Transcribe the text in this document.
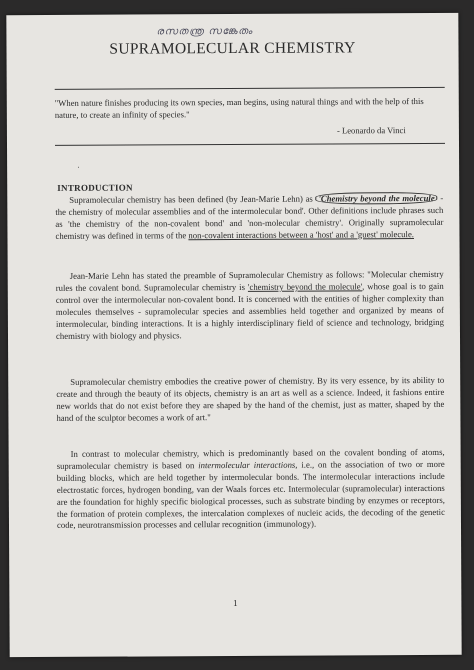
രസതന്ത്ര സങ്കേതം
SUPRAMOLECULAR CHEMISTRY
"When nature finishes producing its own species, man begins, using natural things and with the help of this nature, to create an infinity of species."
- Leonardo da Vinci
·
INTRODUCTION
Supramolecular chemistry has been defined (by Jean-Marie Lehn) as 'Chemistry beyond the molecule - the chemistry of molecular assemblies and of the intermolecular bond'. Other definitions include phrases such as 'the chemistry of the non-covalent bond' and 'non-molecular chemistry'. Originally supramolecular chemistry was defined in terms of the non-covalent interactions between a 'host' and a 'guest' molecule.
Jean-Marie Lehn has stated the preamble of Supramolecular Chemistry as follows: "Molecular chemistry rules the covalent bond. Supramolecular chemistry is 'chemistry beyond the molecule', whose goal is to gain control over the intermolecular non-covalent bond. It is concerned with the entities of higher complexity than molecules themselves - supramolecular species and assemblies held together and organized by means of intermolecular, binding interactions. It is a highly interdisciplinary field of science and technology, bridging chemistry with biology and physics.
Supramolecular chemistry embodies the creative power of chemistry. By its very essence, by its ability to create and through the beauty of its objects, chemistry is an art as well as a science. Indeed, it fashions entire new worlds that do not exist before they are shaped by the hand of the chemist, just as matter, shaped by the hand of the sculptor becomes a work of art."
In contrast to molecular chemistry, which is predominantly based on the covalent bonding of atoms, supramolecular chemistry is based on intermolecular interactions, i.e., on the association of two or more building blocks, which are held together by intermolecular bonds. The intermolecular interactions include electrostatic forces, hydrogen bonding, van der Waals forces etc. Intermolecular (supramolecular) interactions are the foundation for highly specific biological processes, such as substrate binding by enzymes or receptors, the formation of protein complexes, the intercalation complexes of nucleic acids, the decoding of the genetic code, neurotransmission processes and cellular recognition (immunology).
1
